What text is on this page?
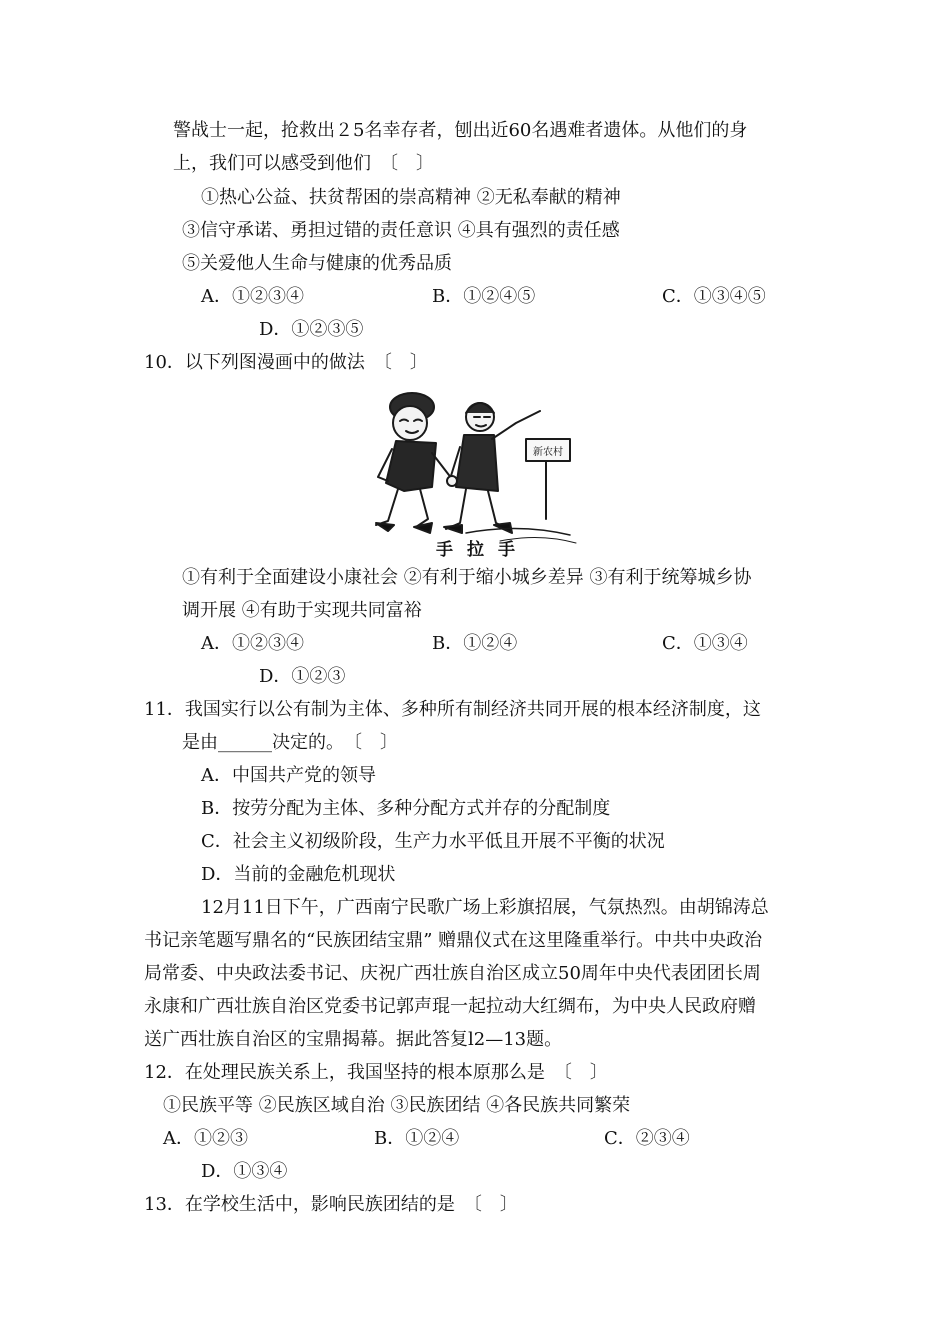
警战士一起，抢救出２5名幸存者，刨出近60名遇难者遗体。从他们的身
上，我们可以感受到他们　〔　〕
①热心公益、扶贫帮困的崇高精神 ②无私奉献的精神
③信守承诺、勇担过错的责任意识 ④具有强烈的责任感
⑤关爱他人生命与健康的优秀品质
A．①②③④	B．①②④⑤	C．①③④⑤
D．①②③⑤
10．以下列图漫画中的做法　〔　〕
新农村
手拉手
①有利于全面建设小康社会 ②有利于缩小城乡差异 ③有利于统筹城乡协
调开展 ④有助于实现共同富裕
A．①②③④	B．①②④	C．①③④
D．①②③
11．我国实行以公有制为主体、多种所有制经济共同开展的根本经济制度，这
是由______决定的。　〔　〕
A．中国共产党的领导
B．按劳分配为主体、多种分配方式并存的分配制度
C．社会主义初级阶段，生产力水平低且开展不平衡的状况
D．当前的金融危机现状
12月11日下午，广西南宁民歌广场上彩旗招展，气氛热烈。由胡锦涛总
书记亲笔题写鼎名的“民族团结宝鼎” 赠鼎仪式在这里隆重举行。中共中央政治
局常委、中央政法委书记、庆祝广西壮族自治区成立50周年中央代表团团长周
永康和广西壮族自治区党委书记郭声琨一起拉动大红绸布，为中央人民政府赠
送广西壮族自治区的宝鼎揭幕。据此答复l2—13题。
12．在处理民族关系上，我国坚持的根本原那么是　〔　〕
①民族平等 ②民族区域自治 ③民族团结 ④各民族共同繁荣
A．①②③	B．①②④	C．②③④
D．①③④
13．在学校生活中，影响民族团结的是　〔　〕
